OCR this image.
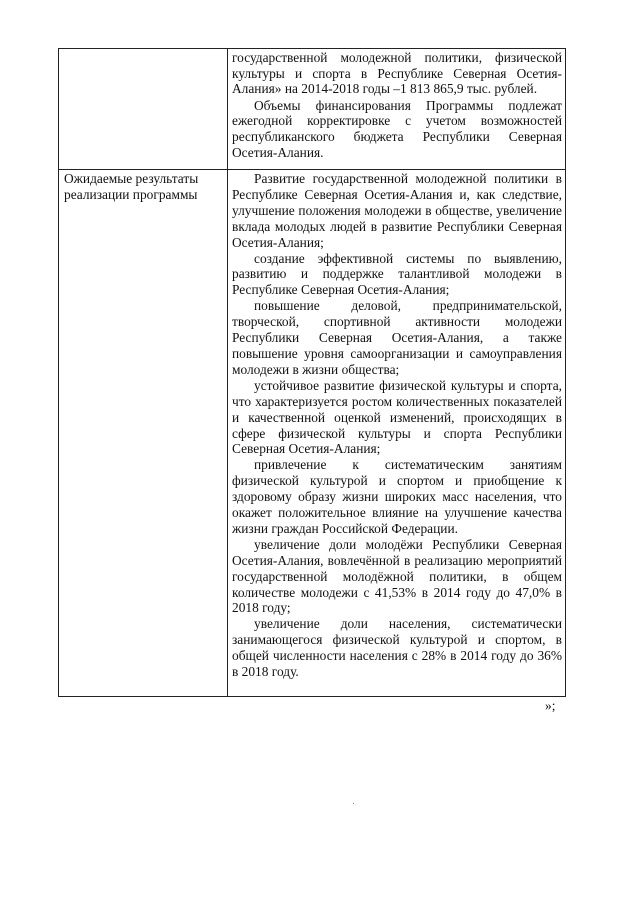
государственной молодежной политики, физической культуры и спорта в Республике Северная Осетия-Алания» на 2014-2018 годы –1 813 865,9 тыс. рублей.

Объемы финансирования Программы подлежат ежегодной корректировке с учетом возможностей республиканского бюджета Республики Северная Осетия-Алания.

Ожидаемые результаты реализации программы

Развитие государственной молодежной политики в Республике Северная Осетия-Алания и, как следствие, улучшение положения молодежи в обществе, увеличение вклада молодых людей в развитие Республики Северная Осетия-Алания;

создание эффективной системы по выявлению, развитию и поддержке талантливой молодежи в Республике Северная Осетия-Алания;

повышение деловой, предпринимательской, творческой, спортивной активности молодежи Республики Северная Осетия-Алания, а также повышение уровня самоорганизации и самоуправления молодежи в жизни общества;

устойчивое развитие физической культуры и спорта, что характеризуется ростом количественных показателей и качественной оценкой изменений, происходящих в сфере физической культуры и спорта Республики Северная Осетия-Алания;

привлечение к систематическим занятиям физической культурой и спортом и приобщение к здоровому образу жизни широких масс населения, что окажет положительное влияние на улучшение качества жизни граждан Российской Федерации.

увеличение доли молодёжи Республики Северная Осетия-Алания, вовлечённой в реализацию мероприятий государственной молодёжной политики, в общем количестве молодежи с 41,53% в 2014 году до 47,0% в 2018 году;

увеличение доли населения, систематически занимающегося физической культурой и спортом, в общей численности населения с 28% в 2014 году до 36% в 2018 году.

»;
